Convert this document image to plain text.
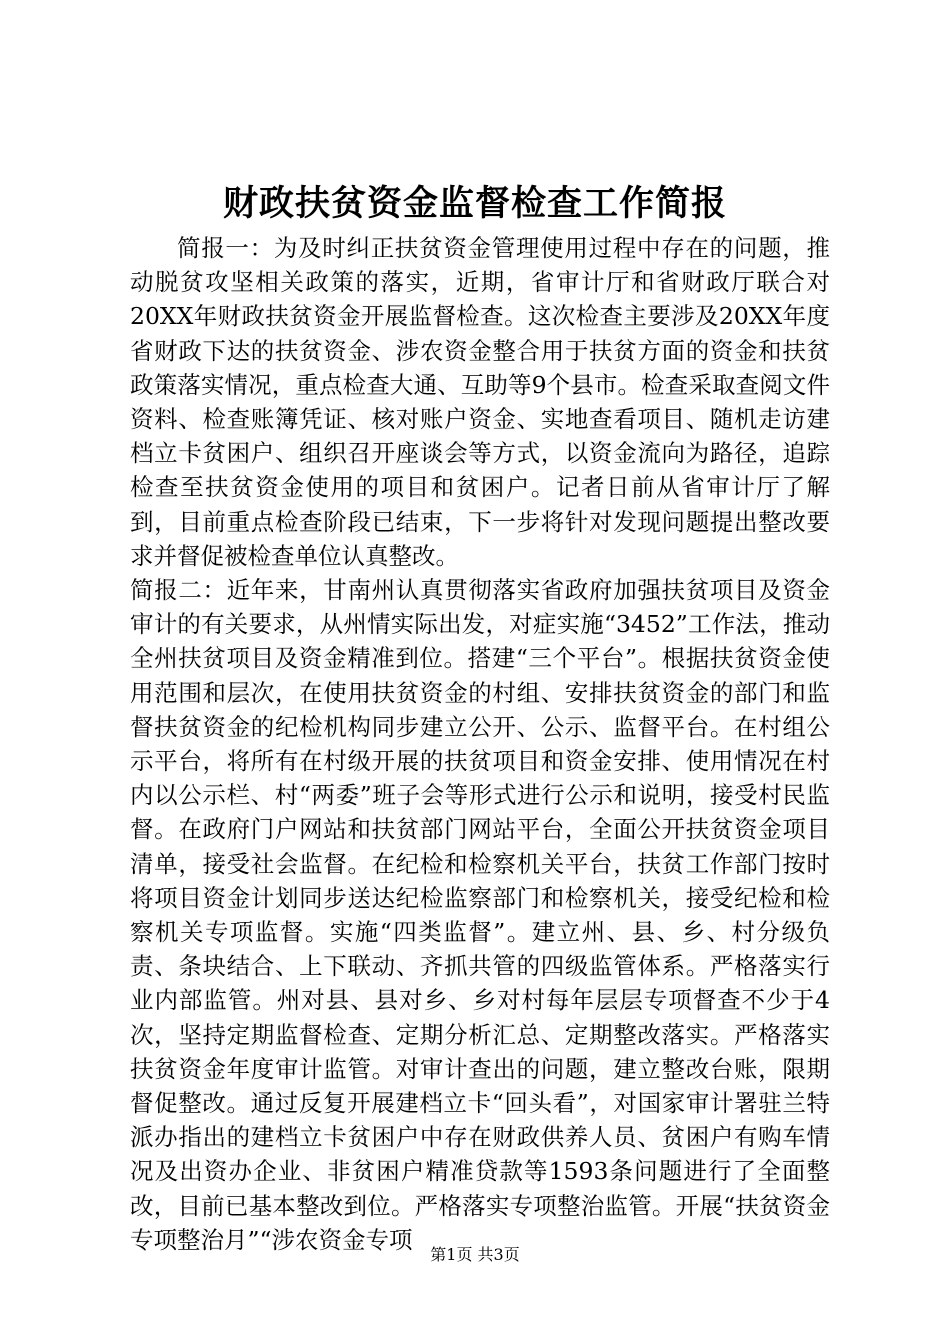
财政扶贫资金监督检查工作简报

简报一：为及时纠正扶贫资金管理使用过程中存在的问题，推动脱贫攻坚相关政策的落实，近期，省审计厅和省财政厅联合对20XX年财政扶贫资金开展监督检查。这次检查主要涉及20XX年度省财政下达的扶贫资金、涉农资金整合用于扶贫方面的资金和扶贫政策落实情况，重点检查大通、互助等9个县市。检查采取查阅文件资料、检查账簿凭证、核对账户资金、实地查看项目、随机走访建档立卡贫困户、组织召开座谈会等方式，以资金流向为路径，追踪检查至扶贫资金使用的项目和贫困户。记者日前从省审计厅了解到，目前重点检查阶段已结束，下一步将针对发现问题提出整改要求并督促被检查单位认真整改。

简报二：近年来，甘南州认真贯彻落实省政府加强扶贫项目及资金审计的有关要求，从州情实际出发，对症实施“3452”工作法，推动全州扶贫项目及资金精准到位。搭建“三个平台”。根据扶贫资金使用范围和层次，在使用扶贫资金的村组、安排扶贫资金的部门和监督扶贫资金的纪检机构同步建立公开、公示、监督平台。在村组公示平台，将所有在村级开展的扶贫项目和资金安排、使用情况在村内以公示栏、村“两委”班子会等形式进行公示和说明，接受村民监督。在政府门户网站和扶贫部门网站平台，全面公开扶贫资金项目清单，接受社会监督。在纪检和检察机关平台，扶贫工作部门按时将项目资金计划同步送达纪检监察部门和检察机关，接受纪检和检察机关专项监督。实施“四类监督”。建立州、县、乡、村分级负责、条块结合、上下联动、齐抓共管的四级监管体系。严格落实行业内部监管。州对县、县对乡、乡对村每年层层专项督查不少于4次，坚持定期监督检查、定期分析汇总、定期整改落实。严格落实扶贫资金年度审计监管。对审计查出的问题，建立整改台账，限期督促整改。通过反复开展建档立卡“回头看”，对国家审计署驻兰特派办指出的建档立卡贫困户中存在财政供养人员、贫困户有购车情况及出资办企业、非贫困户精准贷款等1593条问题进行了全面整改，目前已基本整改到位。严格落实专项整治监管。开展“扶贫资金专项整治月”“涉农资金专项

第1页 共3页
